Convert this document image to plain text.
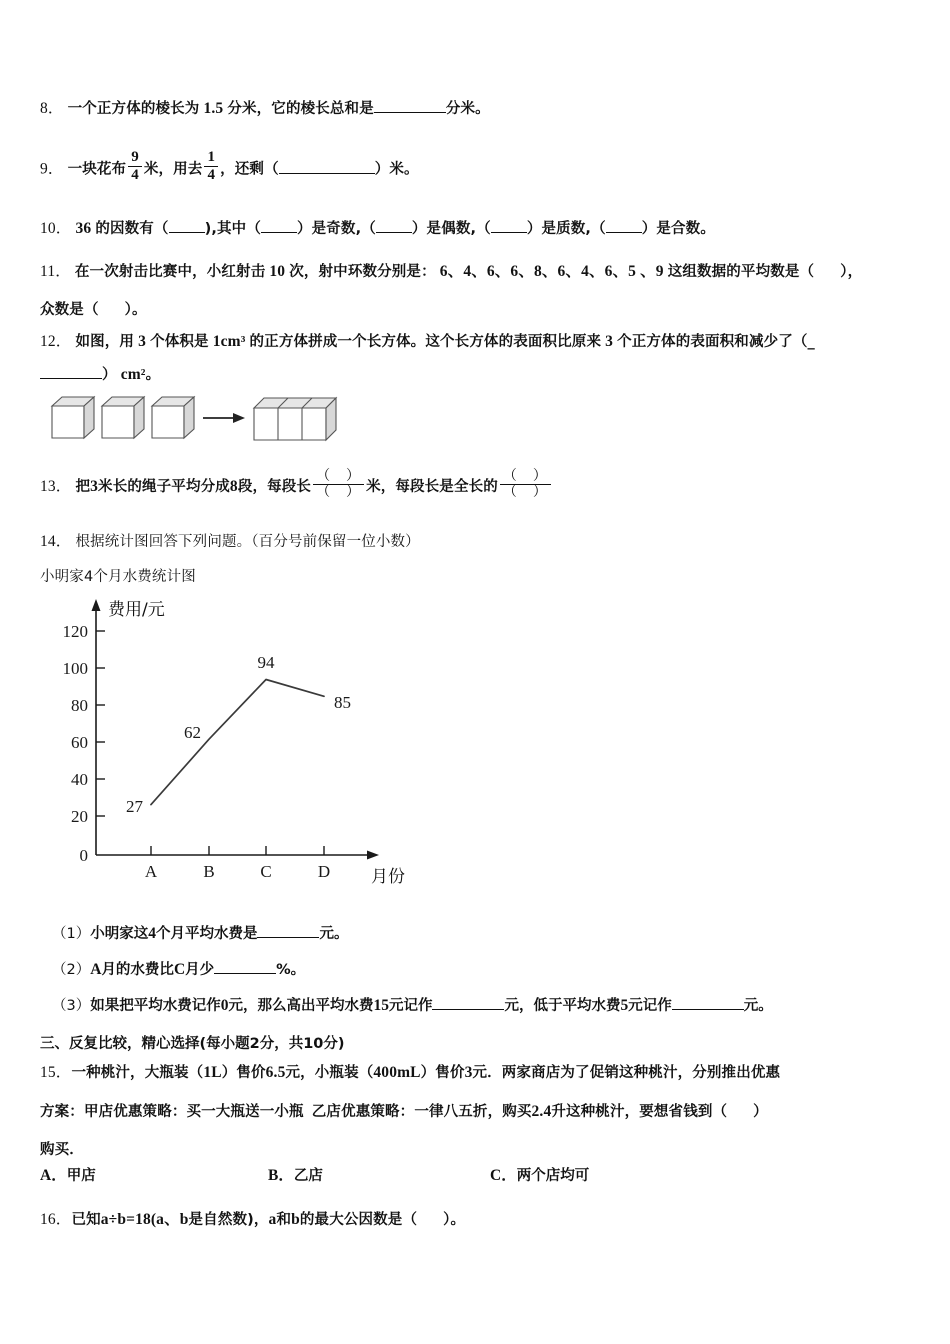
8． 一个正方体的棱长为 1.5 分米，它的棱长总和是	分米。
9． 一块花布 $\frac{9}{4}$ 米，用去 $\frac{1}{4}$ ，还剩（	）米。
10． 36 的因数有（ ),其中（ ）是奇数,（ ）是偶数,（ ）是质数,（ ）是合数。
11． 在一次射击比赛中，小红射击 10 次，射中环数分别是： 6、4、6、6、8、6、4、6、5 、9 这组数据的平均数是（ ），
众数是（ ）。
12． 如图，用 3 个体积是 1cm³ 的正方体拼成一个长方体。这个长方体的表面积比原来 3 个正方体的表面积和减少了（_
） cm²。
13． 把3米长的绳子平均分成8段，每段长 $\frac{( )}{( )}$ 米，每段长是全长的 $\frac{( )}{( )}$
14． 根据统计图回答下列问题。（百分号前保留一位小数）
小明家4个月水费统计图
120
100
80
60
40
20
0
A	B	C	D
费用/元
月份
27
62
94
85
（1）小明家这4个月平均水费是	元。
（2）A月的水费比C月少	%。
（3）如果把平均水费记作0元，那么高出平均水费15元记作	元，低于平均水费5元记作	元。
三、反复比较，精心选择(每小题2分，共10分)
15．一种桃汁，大瓶装（1L）售价6.5元，小瓶装（400mL）售价3元．两家商店为了促销这种桃汁，分别推出优惠
方案：甲店优惠策略：买一大瓶送一小瓶 乙店优惠策略：一律八五折，购买2.4升这种桃汁，要想省钱到（ ）
购买．
A．甲店	B．乙店	C．两个店均可
16．已知a÷b=18(a、b是自然数)，a和b的最大公因数是（ ）。
